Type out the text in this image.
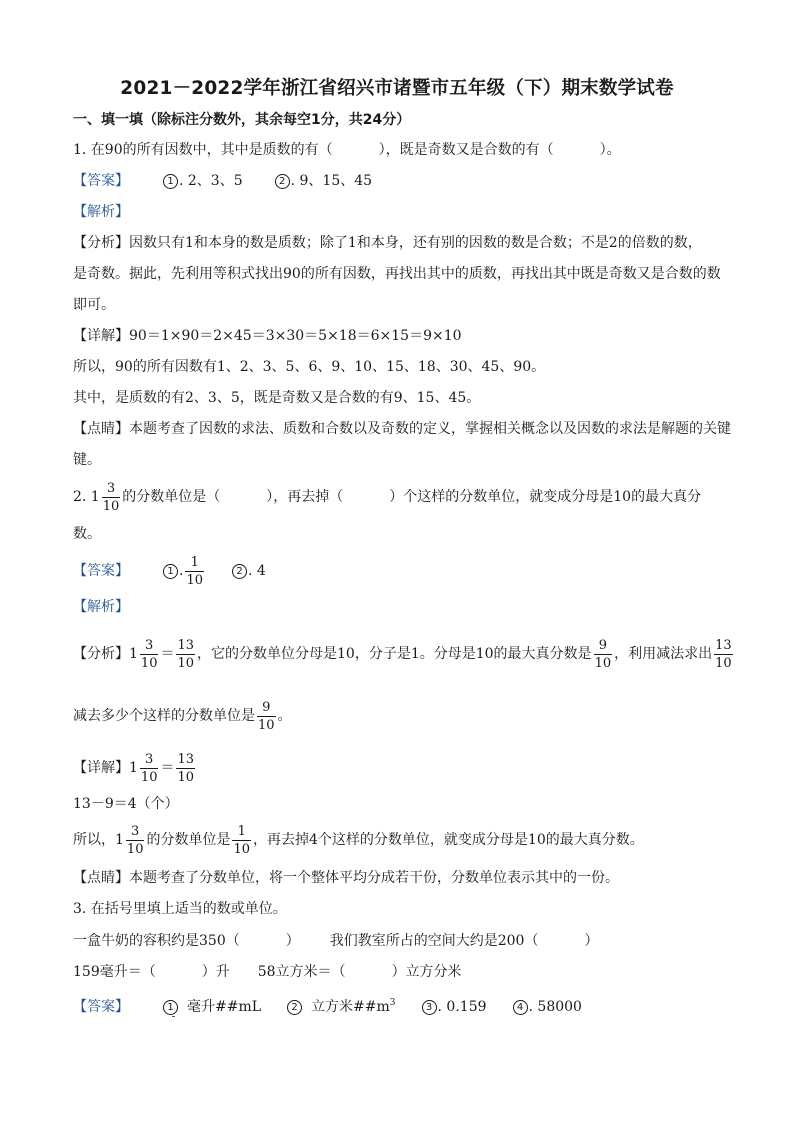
2021－2022学年浙江省绍兴市诸暨市五年级（下）期末数学试卷
一、填一填（除标注分数外，其余每空1分，共24分）
1. 在90的所有因数中，其中是质数的有（	），既是奇数又是合数的有（	）。
【答案】	1 . 2、3、5	2 . 9、15、45
【解析】
【分析】因数只有1和本身的数是质数；除了1和本身，还有别的因数的数是合数；不是2的倍数的数，
是奇数。据此，先利用等积式找出90的所有因数，再找出其中的质数，再找出其中既是奇数又是合数的数
即可。
【详解】90＝1×90＝2×45＝3×30＝5×18＝6×15＝9×10
所以，90的所有因数有1、2、3、5、6、9、10、15、18、30、45、90。
其中，是质数的有2、3、5，既是奇数又是合数的有9、15、45。
【点睛】本题考查了因数的求法、质数和合数以及奇数的定义，掌握相关概念以及因数的求法是解题的关键
键。
2. $1 \frac{3}{10}$ 的分数单位是（	），再去掉（	）个这样的分数单位，就变成分母是10的最大真分
数。
【答案】	1 . $\frac{1}{10}$	2 . 4
【解析】
【分析】$1 \frac{3}{10} = \frac{13}{10}$ ，它的分数单位分母是10，分子是1。分母是10的最大真分数是 $\frac{9}{10}$ ，利用减法求出 $\frac{13}{10}$
减去多少个这样的分数单位是 $\frac{9}{10}$ 。
【详解】$1 \frac{3}{10} = \frac{13}{10}$
13－9＝4（个）
所以，$1 \frac{3}{10}$ 的分数单位是 $\frac{1}{10}$ ，再去掉4个这样的分数单位，就变成分母是10的最大真分数。
【点睛】本题考查了分数单位，将一个整体平均分成若干份，分数单位表示其中的一份。
3. 在括号里填上适当的数或单位。
一盒牛奶的容积约是350（	） 我们教室所占的空间大约是200（	）
159毫升＝（	）升 58立方米＝（	）立方分米
【答案】	1 毫升##mL	2 立方米$\#\#m^3$	3 . 0.159	4 . 58000
